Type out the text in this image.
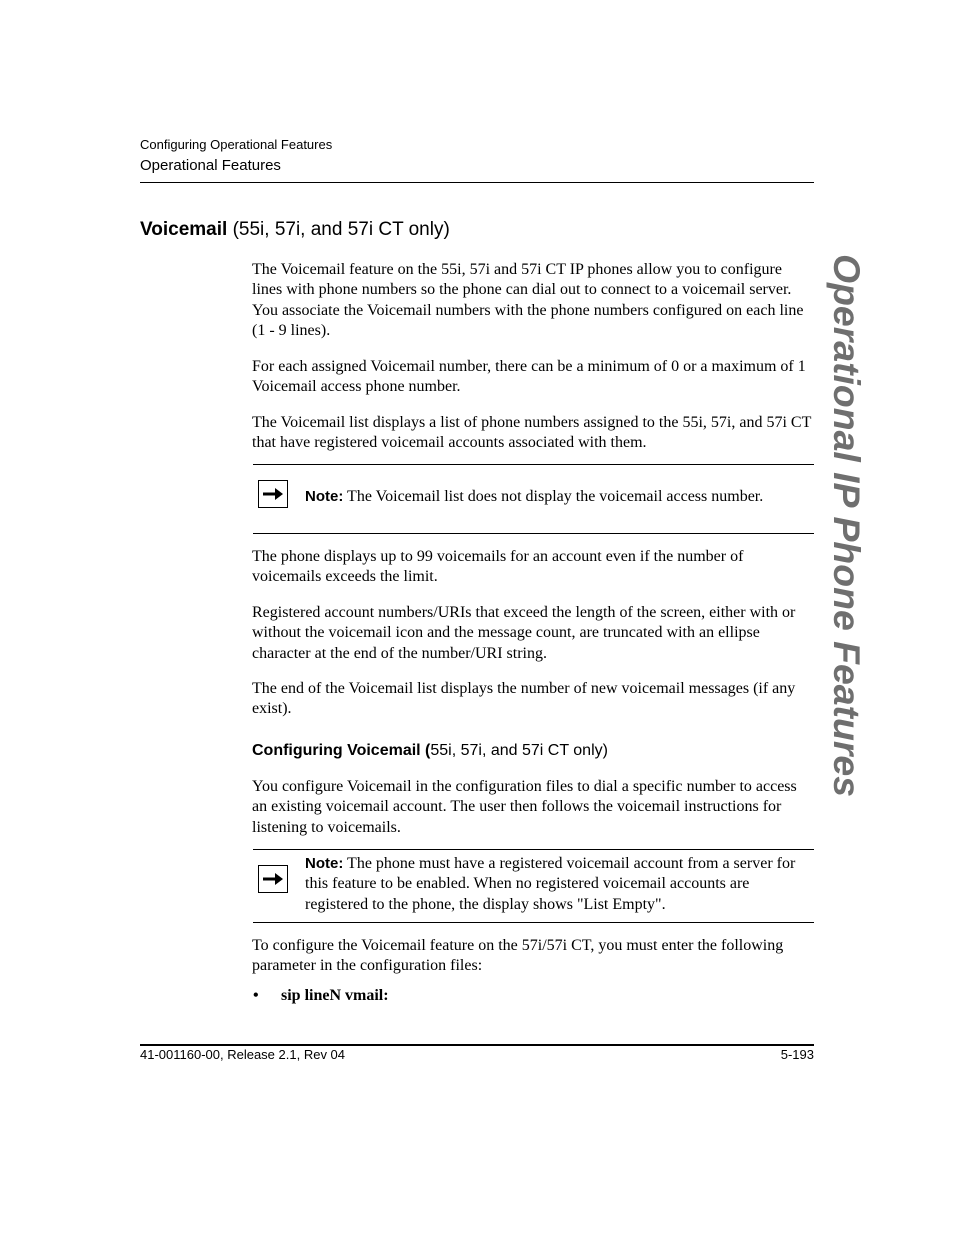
Configuring Operational Features
Operational Features
Voicemail (55i, 57i, and 57i CT only)
The Voicemail feature on the 55i, 57i and 57i CT IP phones allow you to configure lines with phone numbers so the phone can dial out to connect to a voicemail server. You associate the Voicemail numbers with the phone numbers configured on each line (1 - 9 lines).
For each assigned Voicemail number, there can be a minimum of 0 or a maximum of 1 Voicemail access phone number.
The Voicemail list displays a list of phone numbers assigned to the 55i, 57i, and 57i CT that have registered voicemail accounts associated with them.
Note: The Voicemail list does not display the voicemail access number.
The phone displays up to 99 voicemails for an account even if the number of voicemails exceeds the limit.
Registered account numbers/URIs that exceed the length of the screen, either with or without the voicemail icon and the message count, are truncated with an ellipse character at the end of the number/URI string.
The end of the Voicemail list displays the number of new voicemail messages (if any exist).
Configuring Voicemail (55i, 57i, and 57i CT only)
You configure Voicemail in the configuration files to dial a specific number to access an existing voicemail account. The user then follows the voicemail instructions for listening to voicemails.
Note: The phone must have a registered voicemail account from a server for this feature to be enabled. When no registered voicemail accounts are registered to the phone, the display shows "List Empty".
To configure the Voicemail feature on the 57i/57i CT, you must enter the following parameter in the configuration files:
• sip lineN vmail:
41-001160-00, Release 2.1, Rev 04	5-193
Operational IP Phone Features
